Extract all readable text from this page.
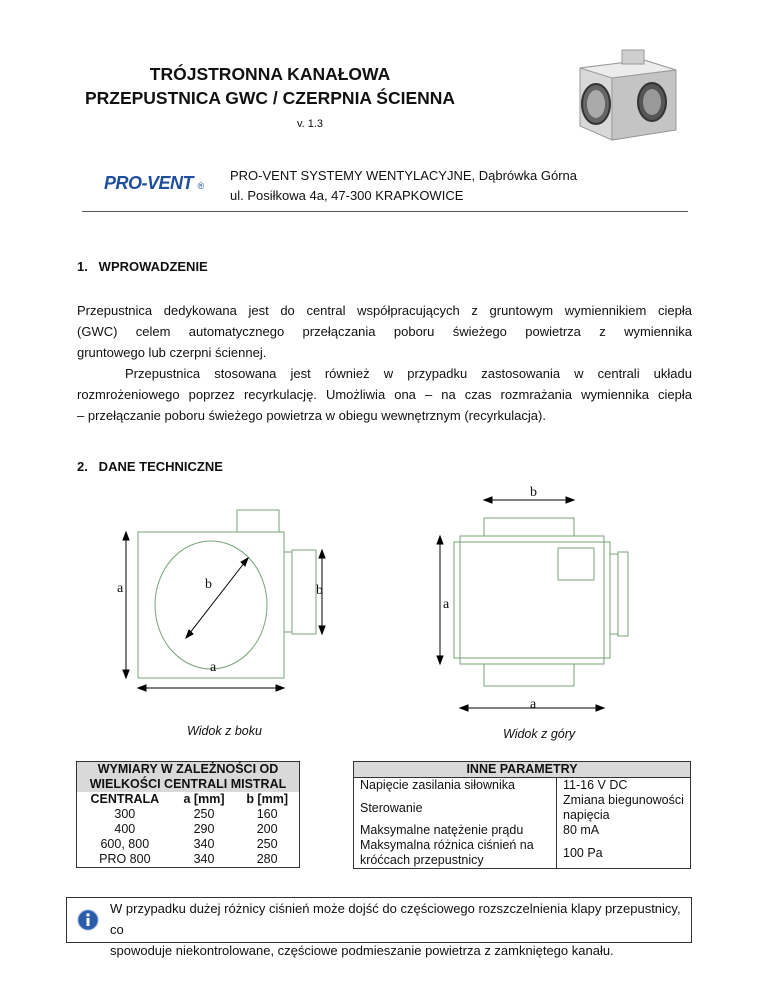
TRÓJSTRONNA KANAŁOWA
PRZEPUSTNICA GWC / CZERPNIA ŚCIENNA
v. 1.3
PRO-VENT ®
PRO-VENT SYSTEMY WENTYLACYJNE, Dąbrówka Górna
ul. Posiłkowa 4a, 47-300 KRAPKOWICE
1.   WPROWADZENIE
Przepustnica dedykowana jest do central współpracujących z gruntowym wymiennikiem ciepła
(GWC) celem automatycznego przełączania poboru świeżego powietrza z wymiennika
gruntowego lub czerpni ściennej.
Przepustnica stosowana jest również w przypadku zastosowania w centrali układu
rozmrożeniowego poprzez recyrkulację. Umożliwia ona – na czas rozmrażania wymiennika ciepła
– przełączanie poboru świeżego powietrza w obiegu wewnętrznym (recyrkulacja).
2.   DANE TECHNICZNE
a	b	b
a
Widok z boku
b
a
a
Widok z góry
WYMIARY W ZALEŻNOŚCI OD		
WIELKOŚCI CENTRALI MISTRAL		
CENTRALA	a [mm]	b [mm]
300	250	160
400	290	200
600, 800	340	250
PRO 800	340	280
INNE PARAMETRY	
Napięcie zasilania siłownika	11-16 V DC
Sterowanie	Zmiana biegunowości napięcia
Maksymalne natężenie prądu	80 mA
Maksymalna różnica ciśnień na króćcach przepustnicy	100 Pa
W przypadku dużej różnicy ciśnień może dojść do częściowego rozszczelnienia klapy przepustnicy, co
spowoduje niekontrolowane, częściowe podmieszanie powietrza z zamkniętego kanału.
